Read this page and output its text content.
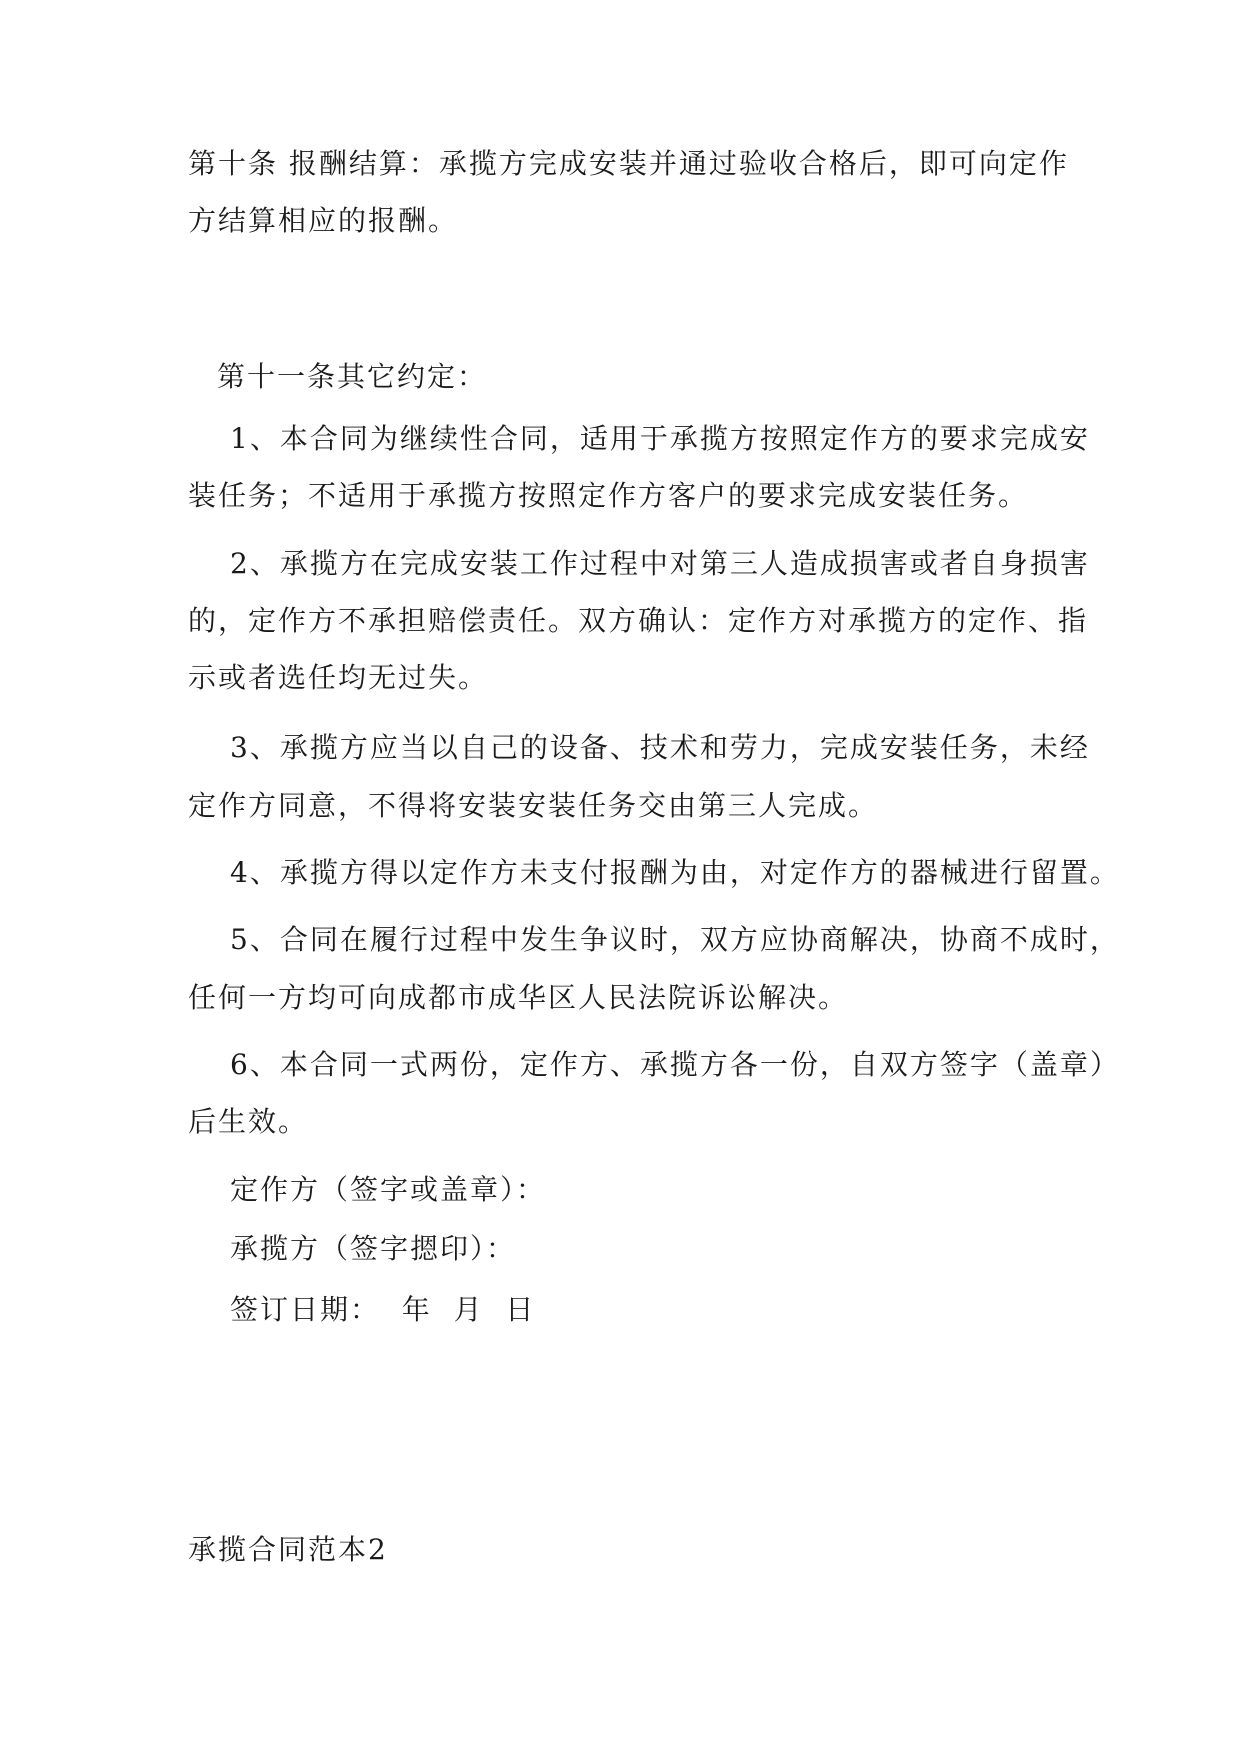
第十条 报酬结算：承揽方完成安装并通过验收合格后，即可向定作
方结算相应的报酬。
第十一条其它约定：
1、本合同为继续性合同，适用于承揽方按照定作方的要求完成安
装任务；不适用于承揽方按照定作方客户的要求完成安装任务。
2、承揽方在完成安装工作过程中对第三人造成损害或者自身损害
的，定作方不承担赔偿责任。双方确认：定作方对承揽方的定作、指
示或者选任均无过失。
3、承揽方应当以自己的设备、技术和劳力，完成安装任务，未经
定作方同意，不得将安装安装任务交由第三人完成。
4、承揽方得以定作方未支付报酬为由，对定作方的器械进行留置。
5、合同在履行过程中发生争议时，双方应协商解决，协商不成时，
任何一方均可向成都市成华区人民法院诉讼解决。
6、本合同一式两份，定作方、承揽方各一份，自双方签字（盖章）
后生效。
定作方（签字或盖章）：
承揽方（签字摁印）：
签订日期：  年  月  日
承揽合同范本2
